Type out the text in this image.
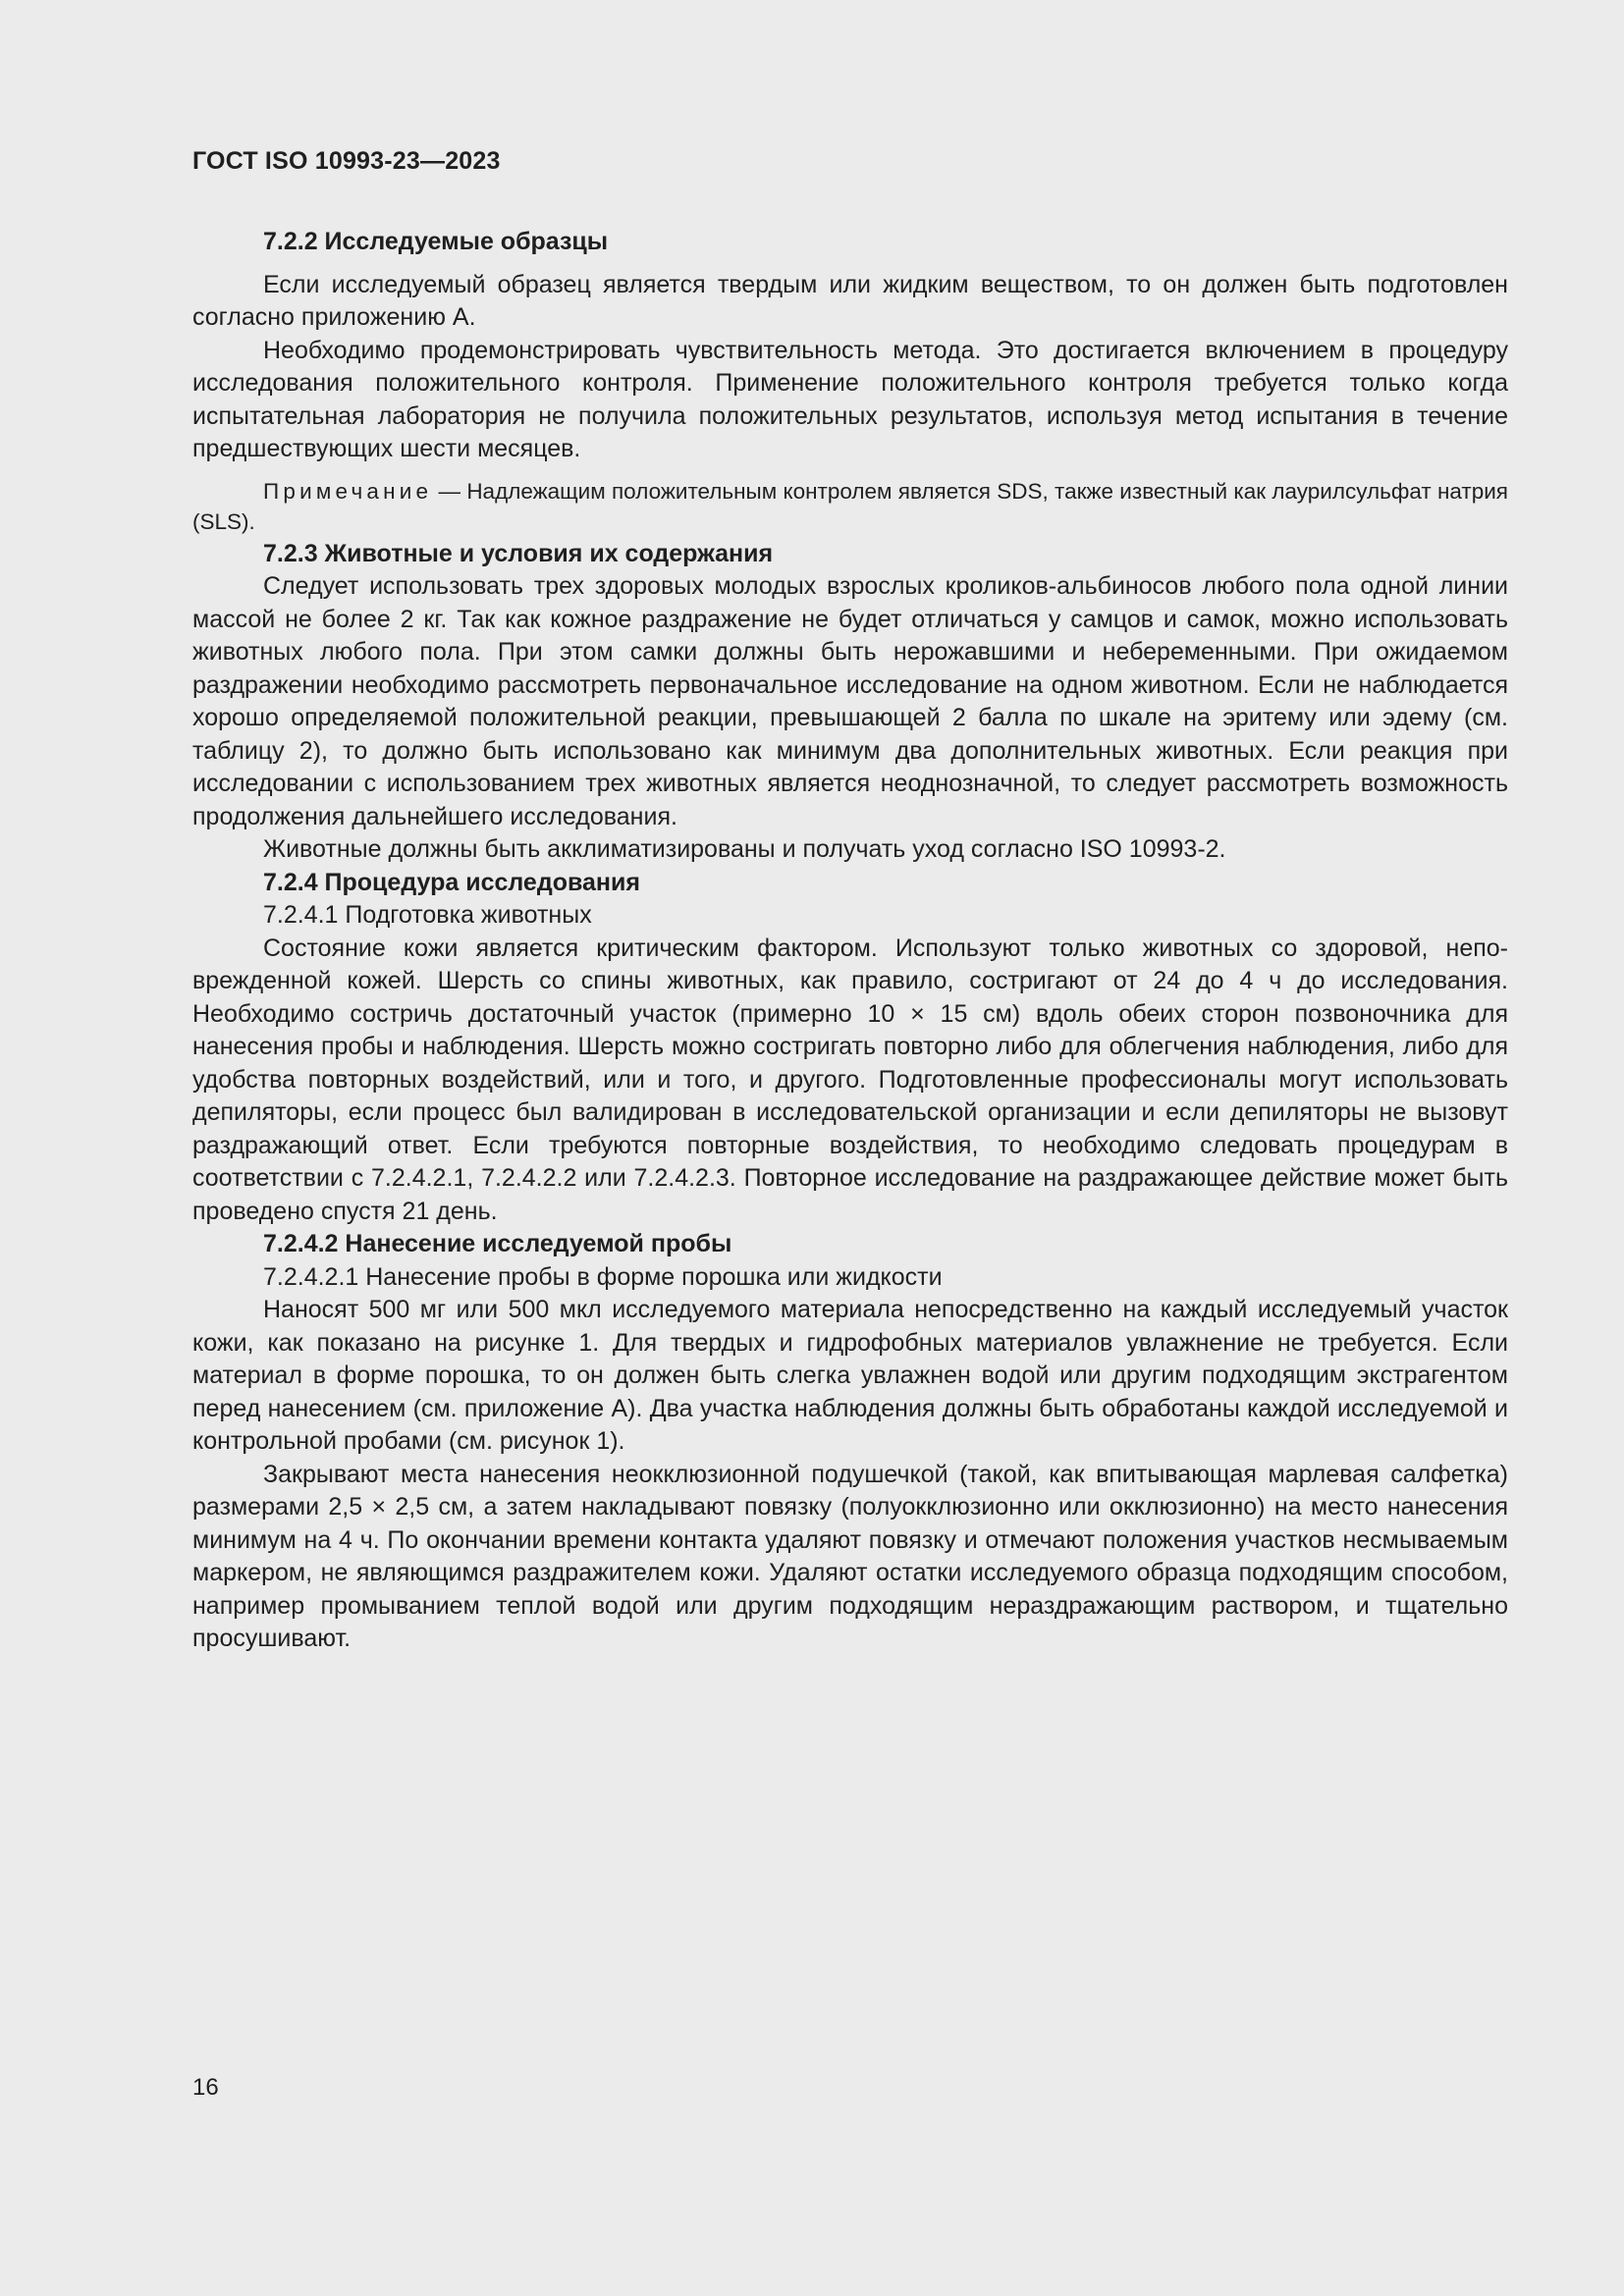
ГОСТ ISO 10993-23—2023
7.2.2 Исследуемые образцы

Если исследуемый образец является твердым или жидким веществом, то он должен быть подготовлен согласно приложению А.

Необходимо продемонстрировать чувствительность метода. Это достигается включением в процедуру исследования положительного контроля. Применение положительного контроля требуется только когда испытательная лаборатория не получила положительных результатов, используя метод испытания в течение предшествующих шести месяцев.

Примечание — Надлежащим положительным контролем является SDS, также известный как лаурилсульфат натрия (SLS).

7.2.3 Животные и условия их содержания

Следует использовать трех здоровых молодых взрослых кроликов-альбиносов любого пола одной линии массой не более 2 кг. Так как кожное раздражение не будет отличаться у самцов и самок, можно использовать животных любого пола. При этом самки должны быть нерожавшими и небеременными. При ожидаемом раздражении необходимо рассмотреть первоначальное исследование на одном животном. Если не наблюдается хорошо определяемой положительной реакции, превышающей 2 балла по шкале на эритему или эдему (см. таблицу 2), то должно быть использовано как минимум два дополнительных животных. Если реакция при исследовании с использованием трех животных является неоднозначной, то следует рассмотреть возможность продолжения дальнейшего исследования.

Животные должны быть акклиматизированы и получать уход согласно ISO 10993-2.

7.2.4 Процедура исследования

7.2.4.1 Подготовка животных

Состояние кожи является критическим фактором. Используют только животных со здоровой, неповрежденной кожей. Шерсть со спины животных, как правило, состригают от 24 до 4 ч до исследования. Необходимо состричь достаточный участок (примерно 10 × 15 см) вдоль обеих сторон позвоночника для нанесения пробы и наблюдения. Шерсть можно состригать повторно либо для облегчения наблюдения, либо для удобства повторных воздействий, или и того, и другого. Подготовленные профессионалы могут использовать депиляторы, если процесс был валидирован в исследовательской организации и если депиляторы не вызовут раздражающий ответ. Если требуются повторные воздействия, то необходимо следовать процедурам в соответствии с 7.2.4.2.1, 7.2.4.2.2 или 7.2.4.2.3. Повторное исследование на раздражающее действие может быть проведено спустя 21 день.

7.2.4.2 Нанесение исследуемой пробы

7.2.4.2.1 Нанесение пробы в форме порошка или жидкости

Наносят 500 мг или 500 мкл исследуемого материала непосредственно на каждый исследуемый участок кожи, как показано на рисунке 1. Для твердых и гидрофобных материалов увлажнение не требуется. Если материал в форме порошка, то он должен быть слегка увлажнен водой или другим подходящим экстрагентом перед нанесением (см. приложение А). Два участка наблюдения должны быть обработаны каждой исследуемой и контрольной пробами (см. рисунок 1).

Закрывают места нанесения неокклюзионной подушечкой (такой, как впитывающая марлевая салфетка) размерами 2,5 × 2,5 см, а затем накладывают повязку (полуокклюзионно или окклюзионно) на место нанесения минимум на 4 ч. По окончании времени контакта удаляют повязку и отмечают положения участков несмываемым маркером, не являющимся раздражителем кожи. Удаляют остатки исследуемого образца подходящим способом, например промыванием теплой водой или другим подходящим нераздражающим раствором, и тщательно просушивают.

16
